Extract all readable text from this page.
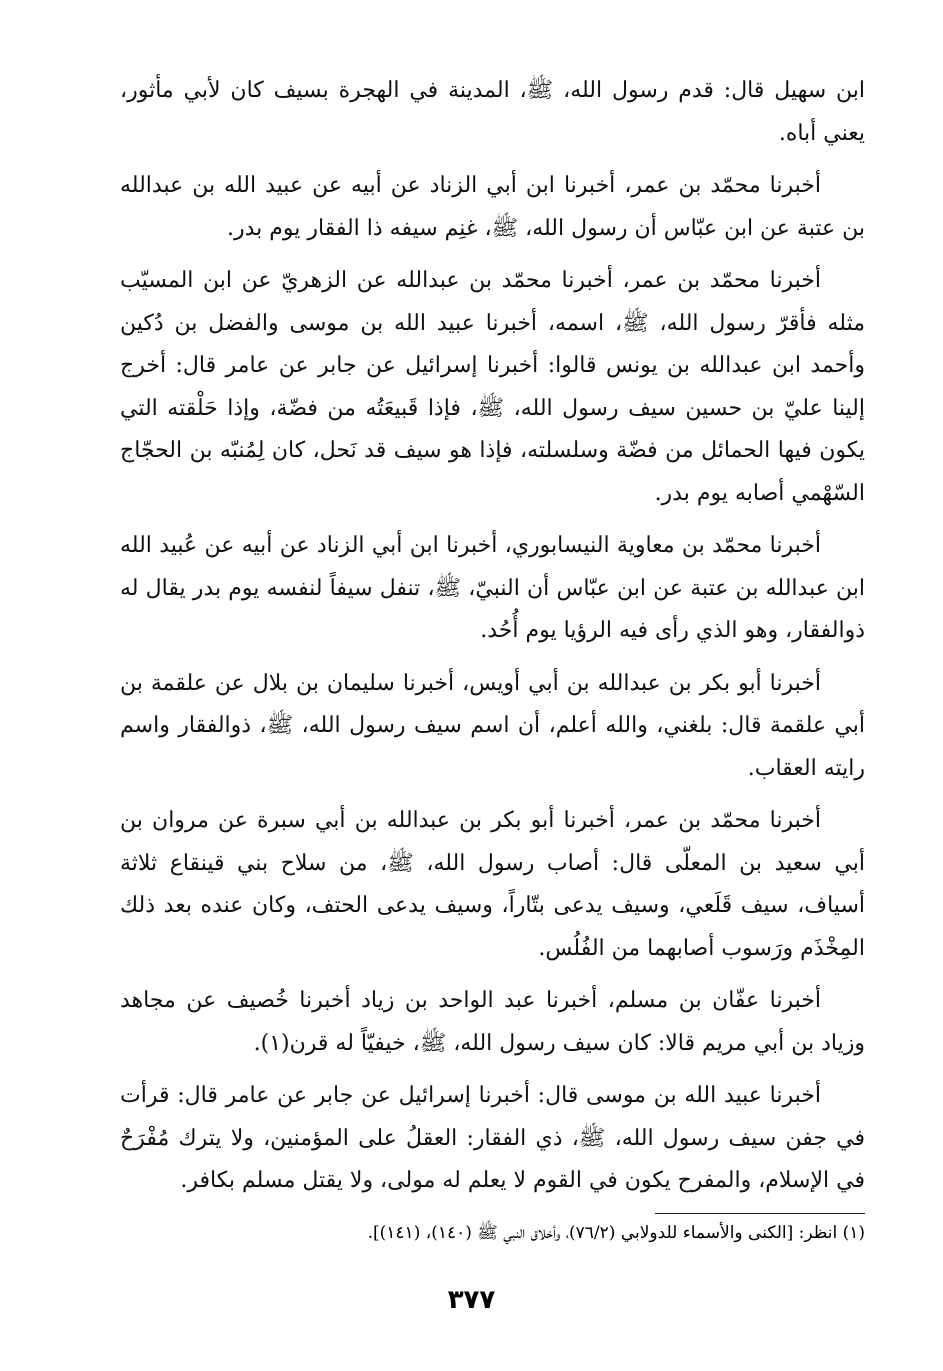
ابن سهيل قال: قدم رسول الله، ﷺ، المدينة في الهجرة بسيف كان لأبي مأثور، يعني أباه.

أخبرنا محمّد بن عمر، أخبرنا ابن أبي الزناد عن أبيه عن عبيد الله بن عبدالله بن عتبة عن ابن عبّاس أن رسول الله، ﷺ، غنِم سيفه ذا الفقار يوم بدر.

أخبرنا محمّد بن عمر، أخبرنا محمّد بن عبدالله عن الزهريّ عن ابن المسيّب مثله فأقرّ رسول الله، ﷺ، اسمه، أخبرنا عبيد الله بن موسى والفضل بن دُكين وأحمد ابن عبدالله بن يونس قالوا: أخبرنا إسرائيل عن جابر عن عامر قال: أخرج إلينا عليّ بن حسين سيف رسول الله، ﷺ، فإذا قَبيعَتُه من فضّة، وإذا حَلْقته التي يكون فيها الحمائل من فضّة وسلسلته، فإذا هو سيف قد نَحل، كان لِمُنبّه بن الحجّاج السّهْمي أصابه يوم بدر.

أخبرنا محمّد بن معاوية النيسابوري، أخبرنا ابن أبي الزناد عن أبيه عن عُبيد الله ابن عبدالله بن عتبة عن ابن عبّاس أن النبيّ، ﷺ، تنفل سيفاً لنفسه يوم بدر يقال له ذوالفقار، وهو الذي رأى فيه الرؤيا يوم أُحُد.

أخبرنا أبو بكر بن عبدالله بن أبي أويس، أخبرنا سليمان بن بلال عن علقمة بن أبي علقمة قال: بلغني، والله أعلم، أن اسم سيف رسول الله، ﷺ، ذوالفقار واسم رايته العقاب.

أخبرنا محمّد بن عمر، أخبرنا أبو بكر بن عبدالله بن أبي سبرة عن مروان بن أبي سعيد بن المعلّى قال: أصاب رسول الله، ﷺ، من سلاح بني قينقاع ثلاثة أسياف، سيف قَلَعي، وسيف يدعى بتّاراً، وسيف يدعى الحتف، وكان عنده بعد ذلك المِخْذَم ورَسوب أصابهما من الفُلُس.

أخبرنا عفّان بن مسلم، أخبرنا عبد الواحد بن زياد أخبرنا خُصيف عن مجاهد وزياد بن أبي مريم قالا: كان سيف رسول الله، ﷺ، خيفيّاً له قرن(١).

أخبرنا عبيد الله بن موسى قال: أخبرنا إسرائيل عن جابر عن عامر قال: قرأت في جفن سيف رسول الله، ﷺ، ذي الفقار: العقلُ على المؤمنين، ولا يترك مُفْرَحٌ في الإسلام، والمفرح يكون في القوم لا يعلم له مولى، ولا يقتل مسلم بكافر.

(١) انظر: [الكنى والأسماء للدولابي (٧٦/٢)، وأخلاق النبي ﷺ (١٤٠)، (١٤١)].
٣٧٧
